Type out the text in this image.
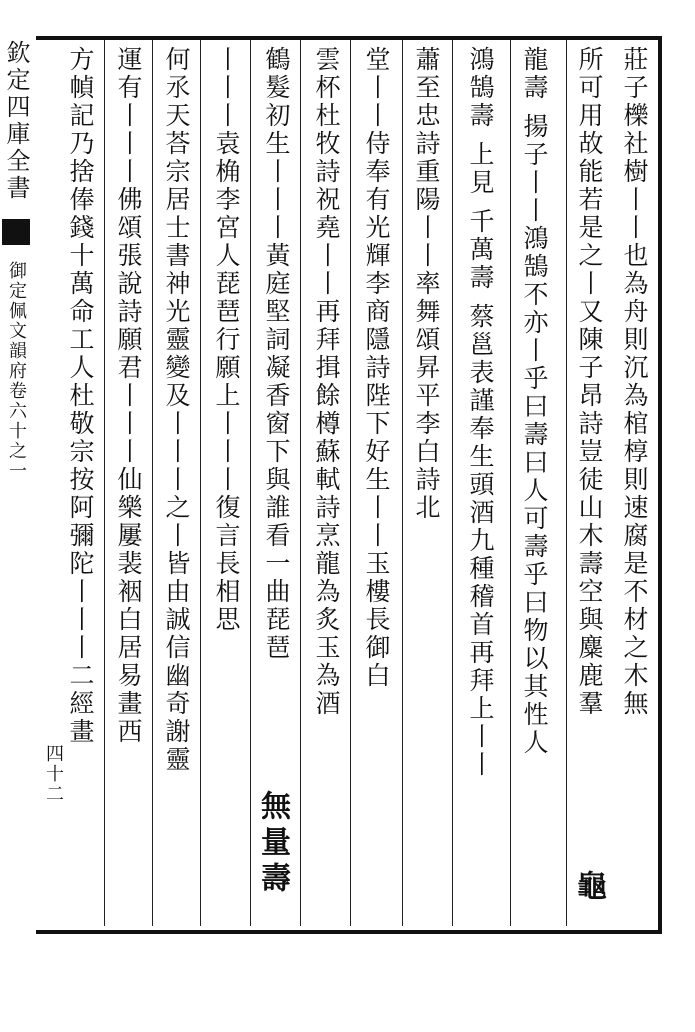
欽定四庫全書  御定佩文韻府卷六十之一
四十二
莊子櫟社樹丨丨也為舟則沉為棺椁則速腐是不材之木無
所可用故能若是之丨又陳子昂詩豈徒山木壽空與麋鹿羣
龜
龍壽 揚子丨丨鴻鵠不亦丨乎曰壽曰人可壽乎曰物以其性人
鴻鵠壽 上見 千萬壽 蔡邕表謹奉生頭酒九種稽首再拜上丨丨
蕭至忠詩重陽丨丨率舞頌昇平李白詩北
堂丨丨侍奉有光輝李商隱詩陛下好生丨丨玉樓長御白
雲杯杜牧詩祝堯丨丨再拜揖餘樽蘇軾詩烹龍為炙玉為酒
鶴髮初生丨丨丨黃庭堅詞凝香窗下與誰看一曲琵琶
無量壽
丨丨丨袁桷李宮人琵琶行願上丨丨丨復言長相思
何氶天荅宗居士書神光靈變及丨丨丨之丨皆由誠信幽奇謝靈
運有丨丨丨佛頌張說詩願君丨丨丨仙樂屢裴裀白居易畫西
方幀記乃捨俸錢十萬命工人杜敬宗按阿彌陀丨丨丨二經畫
